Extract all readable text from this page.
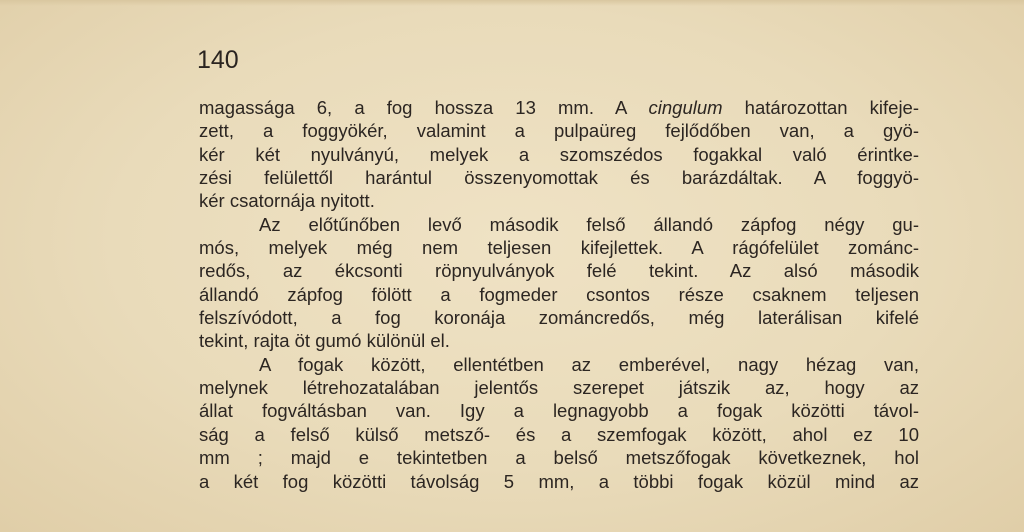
140
magassága 6, a fog hossza 13 mm. A cingulum határozottan kifeje-
zett, a foggyökér, valamint a pulpaüreg fejlődőben van, a gyö-
kér két nyulványú, melyek a szomszédos fogakkal való érintke-
zési felülettől harántul összenyomottak és barázdáltak. A foggyö-
kér csatornája nyitott.
Az előtűnőben levő második felső állandó zápfog négy gu-
mós, melyek még nem teljesen kifejlettek. A rágófelület zománc-
redős, az ékcsonti röpnyulványok felé tekint. Az alsó második
állandó zápfog fölött a fogmeder csontos része csaknem teljesen
felszívódott, a fog koronája zománcredős, még laterálisan kifelé
tekint, rajta öt gumó különül el.
A fogak között, ellentétben az emberével, nagy hézag van,
melynek létrehozatalában jelentős szerepet játszik az, hogy az
állat fogváltásban van. Igy a legnagyobb a fogak közötti távol-
ság a felső külső metsző- és a szemfogak között, ahol ez 10
mm ; majd e tekintetben a belső metszőfogak következnek, hol
a két fog közötti távolság 5 mm, a többi fogak közül mind az
